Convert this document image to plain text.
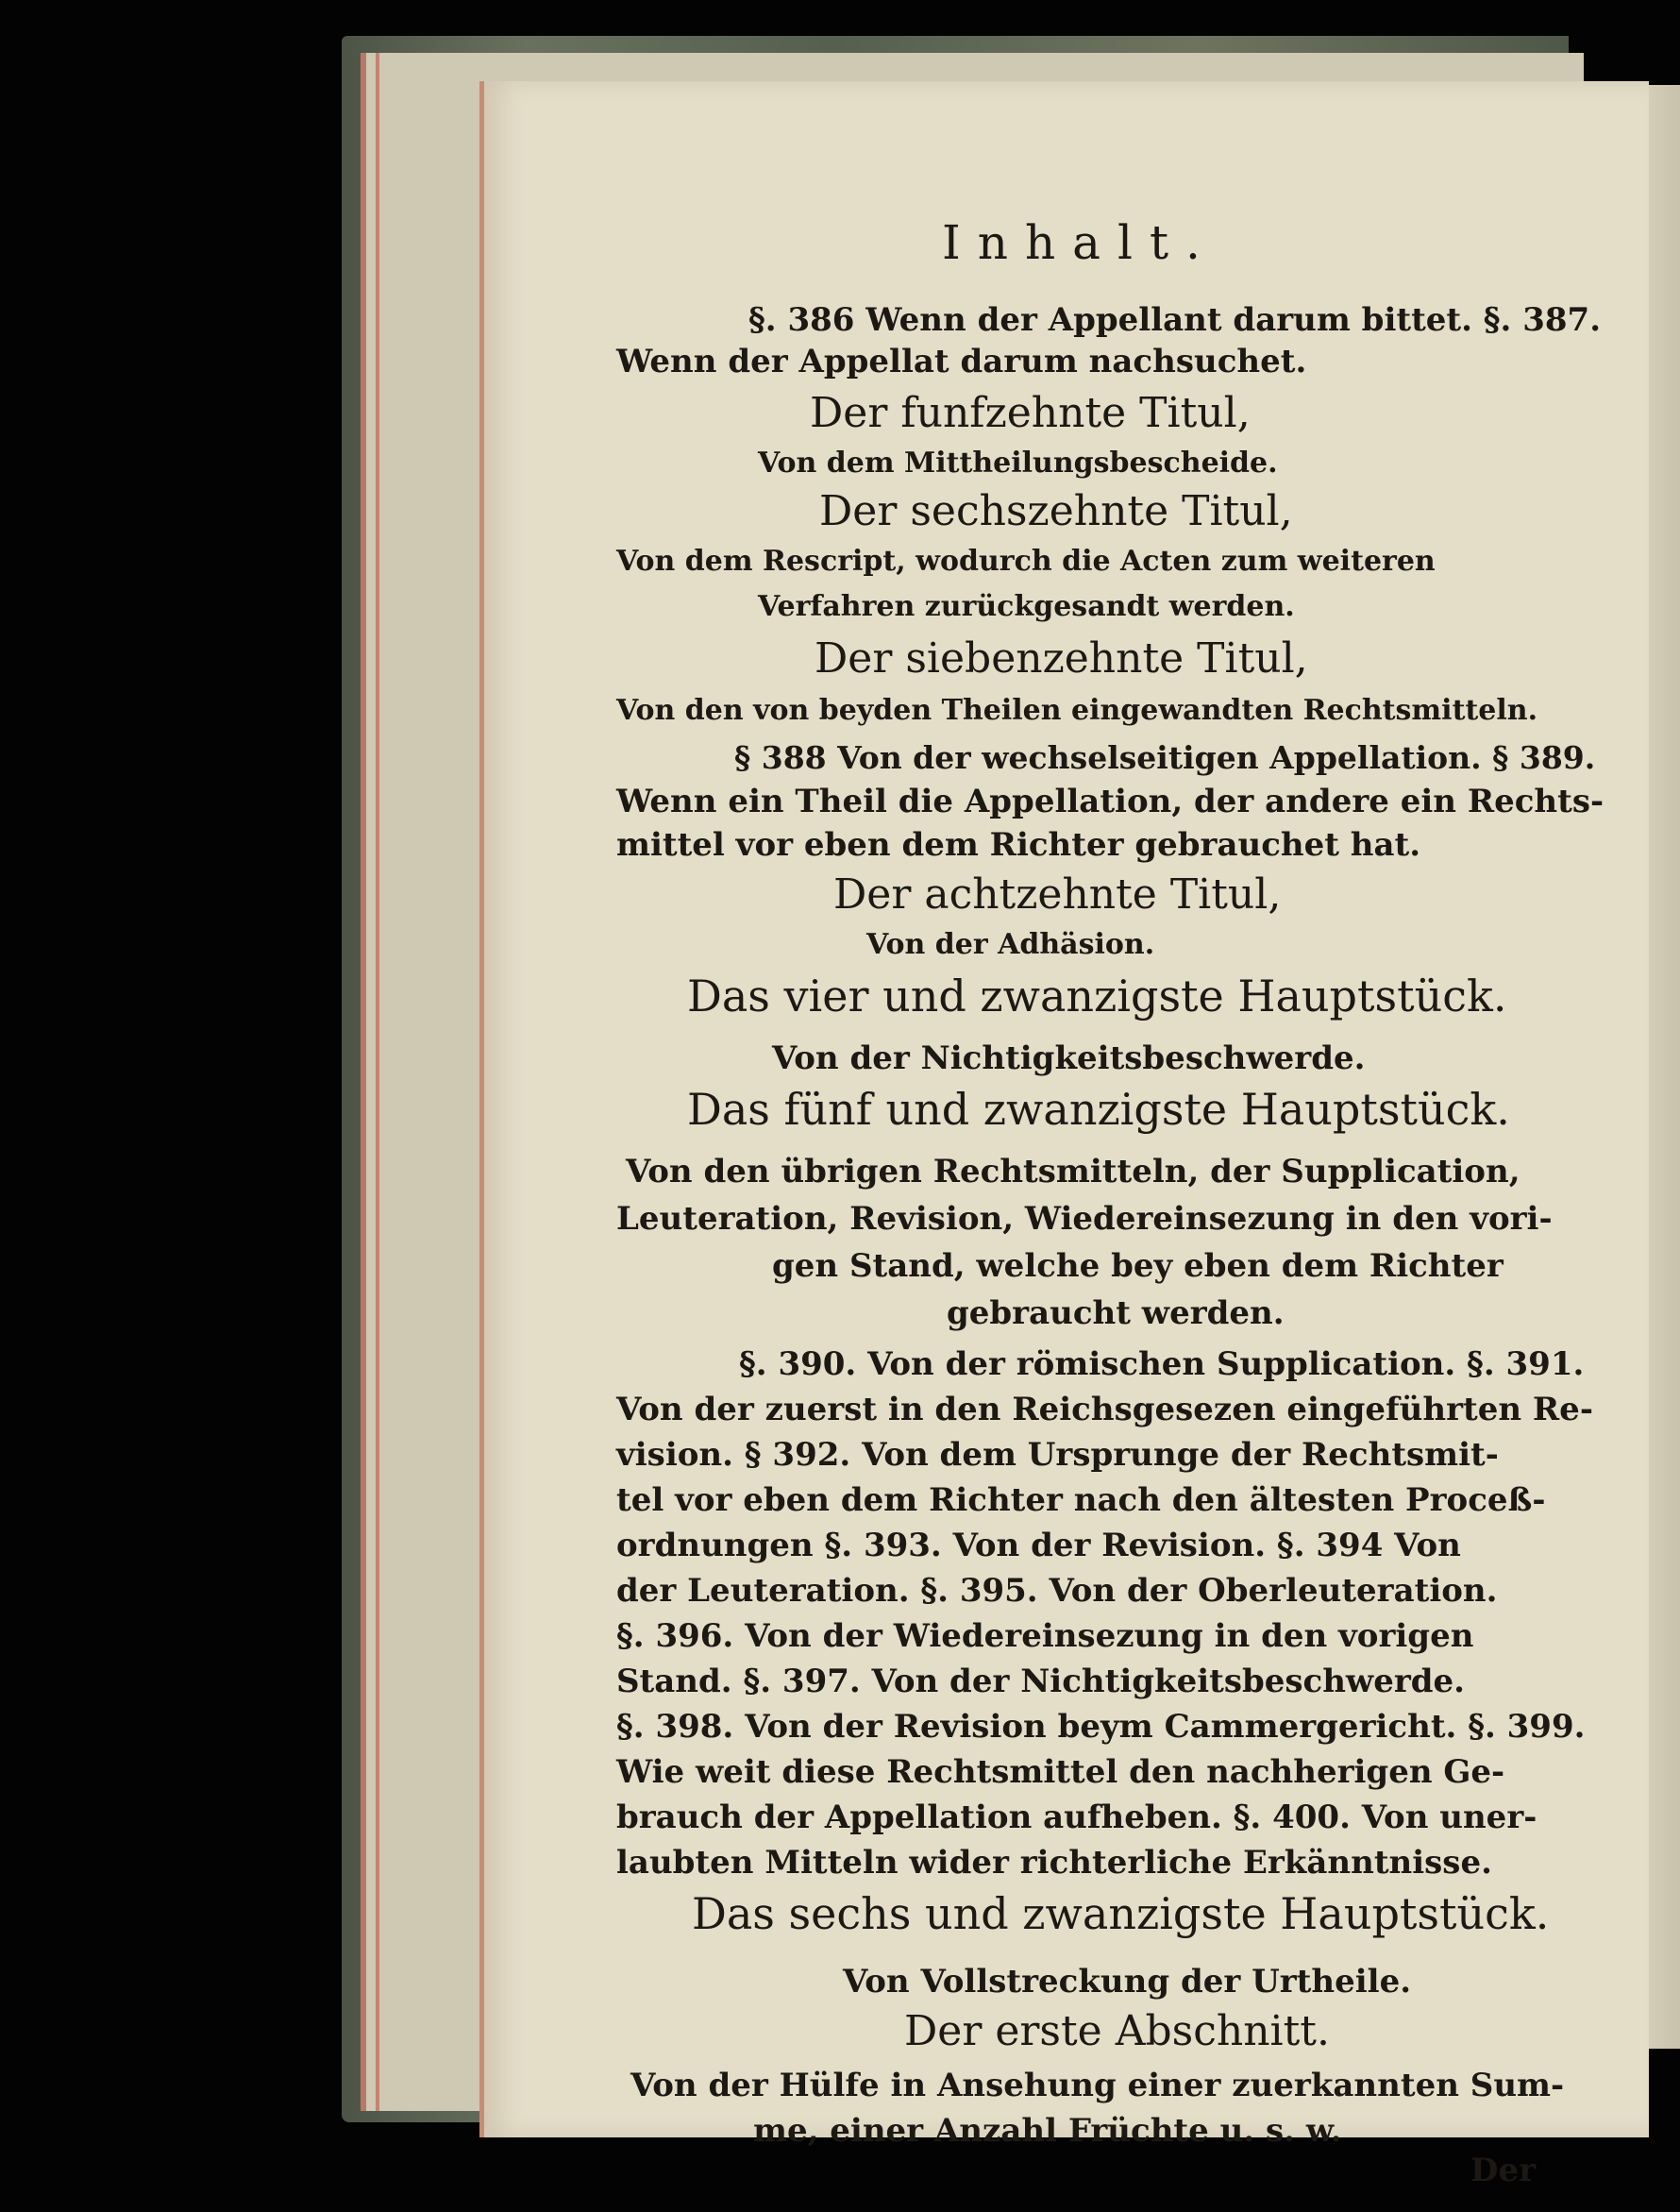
Inhalt.
§. 386 Wenn der Appellant darum bittet. §. 387.
Wenn der Appellat darum nachsuchet.
Der funfzehnte Titul,
Von dem Mittheilungsbescheide.
Der sechszehnte Titul,
Von dem Rescript, wodurch die Acten zum weiteren
Verfahren zurückgesandt werden.
Der siebenzehnte Titul,
Von den von beyden Theilen eingewandten Rechtsmitteln.
§ 388 Von der wechselseitigen Appellation. § 389.
Wenn ein Theil die Appellation, der andere ein Rechts-
mittel vor eben dem Richter gebrauchet hat.
Der achtzehnte Titul,
Von der Adhäsion.
Das vier und zwanzigste Hauptstück.
Von der Nichtigkeitsbeschwerde.
Das fünf und zwanzigste Hauptstück.
Von den übrigen Rechtsmitteln, der Supplication,
Leuteration, Revision, Wiedereinsezung in den vori-
gen Stand, welche bey eben dem Richter
gebraucht werden.
§. 390. Von der römischen Supplication. §. 391.
Von der zuerst in den Reichsgesezen eingeführten Re-
vision. § 392. Von dem Ursprunge der Rechtsmit-
tel vor eben dem Richter nach den ältesten Proceß-
ordnungen §. 393. Von der Revision. §. 394 Von
der Leuteration. §. 395. Von der Oberleuteration.
§. 396. Von der Wiedereinsezung in den vorigen
Stand. §. 397. Von der Nichtigkeitsbeschwerde.
§. 398. Von der Revision beym Cammergericht. §. 399.
Wie weit diese Rechtsmittel den nachherigen Ge-
brauch der Appellation aufheben. §. 400. Von uner-
laubten Mitteln wider richterliche Erkänntnisse.
Das sechs und zwanzigste Hauptstück.
Von Vollstreckung der Urtheile.
Der erste Abschnitt.
Von der Hülfe in Ansehung einer zuerkannten Sum-
me, einer Anzahl Früchte u. s. w.
Der
